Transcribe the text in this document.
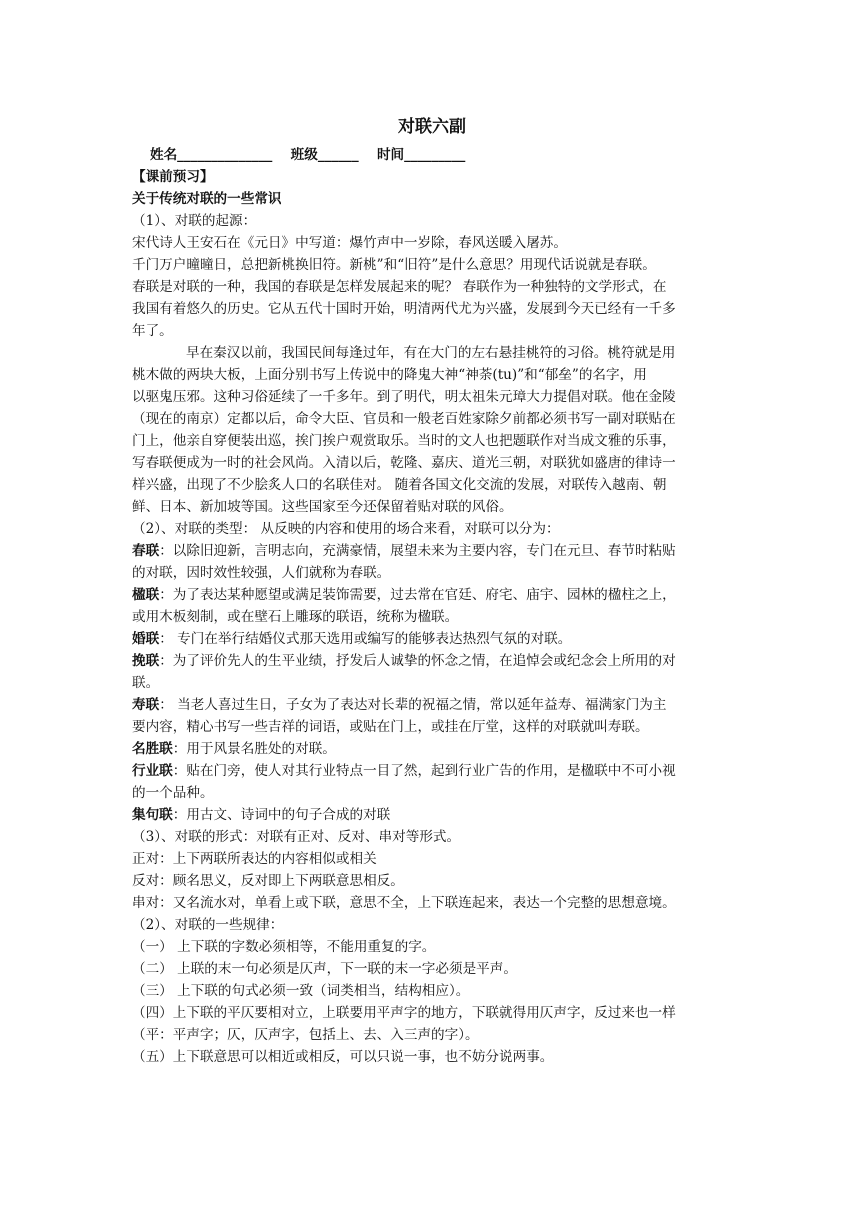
对联六副
姓名______________ 班级______ 时间_________
【课前预习】
关于传统对联的一些常识
（1）、对联的起源：
宋代诗人王安石在《元日》中写道：爆竹声中一岁除，春风送暖入屠苏。
千门万户曈曈日，总把新桃换旧符。新桃”和“旧符”是什么意思？用现代话说就是春联。
春联是对联的一种，我国的春联是怎样发展起来的呢？ 春联作为一种独特的文学形式，在
我国有着悠久的历史。它从五代十国时开始，明清两代尤为兴盛，发展到今天已经有一千多
年了。
早在秦汉以前，我国民间每逢过年，有在大门的左右悬挂桃符的习俗。桃符就是用
桃木做的两块大板，上面分别书写上传说中的降鬼大神“神荼(tu)”和“郁垒”的名字，用
以驱鬼压邪。这种习俗延续了一千多年。到了明代，明太祖朱元璋大力提倡对联。他在金陵
（现在的南京）定都以后，命令大臣、官员和一般老百姓家除夕前都必须书写一副对联贴在
门上，他亲自穿便装出巡，挨门挨户观赏取乐。当时的文人也把题联作对当成文雅的乐事，
写春联便成为一时的社会风尚。入清以后，乾隆、嘉庆、道光三朝，对联犹如盛唐的律诗一
样兴盛，出现了不少脍炙人口的名联佳对。 随着各国文化交流的发展，对联传入越南、朝
鲜、日本、新加坡等国。这些国家至今还保留着贴对联的风俗。
（2）、对联的类型： 从反映的内容和使用的场合来看，对联可以分为：
春联：以除旧迎新，言明志向，充满豪情，展望未来为主要内容，专门在元旦、春节时粘贴
的对联，因时效性较强，人们就称为春联。
楹联：为了表达某种愿望或满足装饰需要，过去常在官廷、府宅、庙宇、园林的楹柱之上，
或用木板刻制，或在壁石上雕琢的联语，统称为楹联。
婚联： 专门在举行结婚仪式那天选用或编写的能够表达热烈气氛的对联。
挽联：为了评价先人的生平业绩，抒发后人诚挚的怀念之情，在追悼会或纪念会上所用的对
联。
寿联： 当老人喜过生日，子女为了表达对长辈的祝福之情，常以延年益寿、福满家门为主
要内容，精心书写一些吉祥的词语，或贴在门上，或挂在厅堂，这样的对联就叫寿联。
名胜联：用于风景名胜处的对联。
行业联：贴在门旁，使人对其行业特点一目了然，起到行业广告的作用，是楹联中不可小视
的一个品种。
集句联：用古文、诗词中的句子合成的对联
（3）、对联的形式：对联有正对、反对、串对等形式。
正对：上下两联所表达的内容相似或相关
反对：顾名思义，反对即上下两联意思相反。
串对：又名流水对，单看上或下联，意思不全，上下联连起来，表达一个完整的思想意境。
（2）、对联的一些规律：
（一） 上下联的字数必须相等，不能用重复的字。
（二） 上联的末一句必须是仄声，下一联的末一字必须是平声。
（三） 上下联的句式必须一致（词类相当，结构相应）。
（四）上下联的平仄要相对立，上联要用平声字的地方，下联就得用仄声字，反过来也一样
（平：平声字；仄，仄声字，包括上、去、入三声的字）。
（五）上下联意思可以相近或相反，可以只说一事，也不妨分说两事。
